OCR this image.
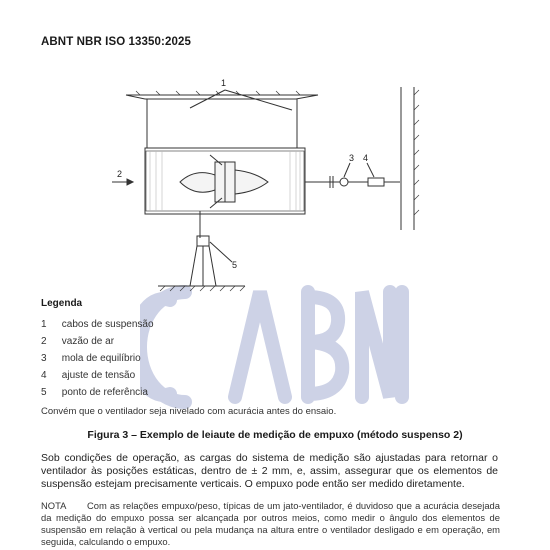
ABNT NBR ISO 13350:2025
1
2
3 4
5
Legenda
1 cabos de suspensão
2 vazão de ar
3 mola de equilíbrio
4 ajuste de tensão
5 ponto de referência
Convém que o ventilador seja nivelado com acurácia antes do ensaio.
Figura 3 – Exemplo de leiaute de medição de empuxo (método suspenso 2)
Sob condições de operação, as cargas do sistema de medição são ajustadas para retornar o ventilador às posições estáticas, dentro de ± 2 mm, e, assim, assegurar que os elementos de suspensão estejam precisamente verticais. O empuxo pode então ser medido diretamente.
NOTA Com as relações empuxo/peso, típicas de um jato-ventilador, é duvidoso que a acurácia desejada da medição do empuxo possa ser alcançada por outros meios, como medir o ângulo dos elementos de suspensão em relação à vertical ou pela mudança na altura entre o ventilador desligado e em operação, em seguida, calculando o empuxo.
